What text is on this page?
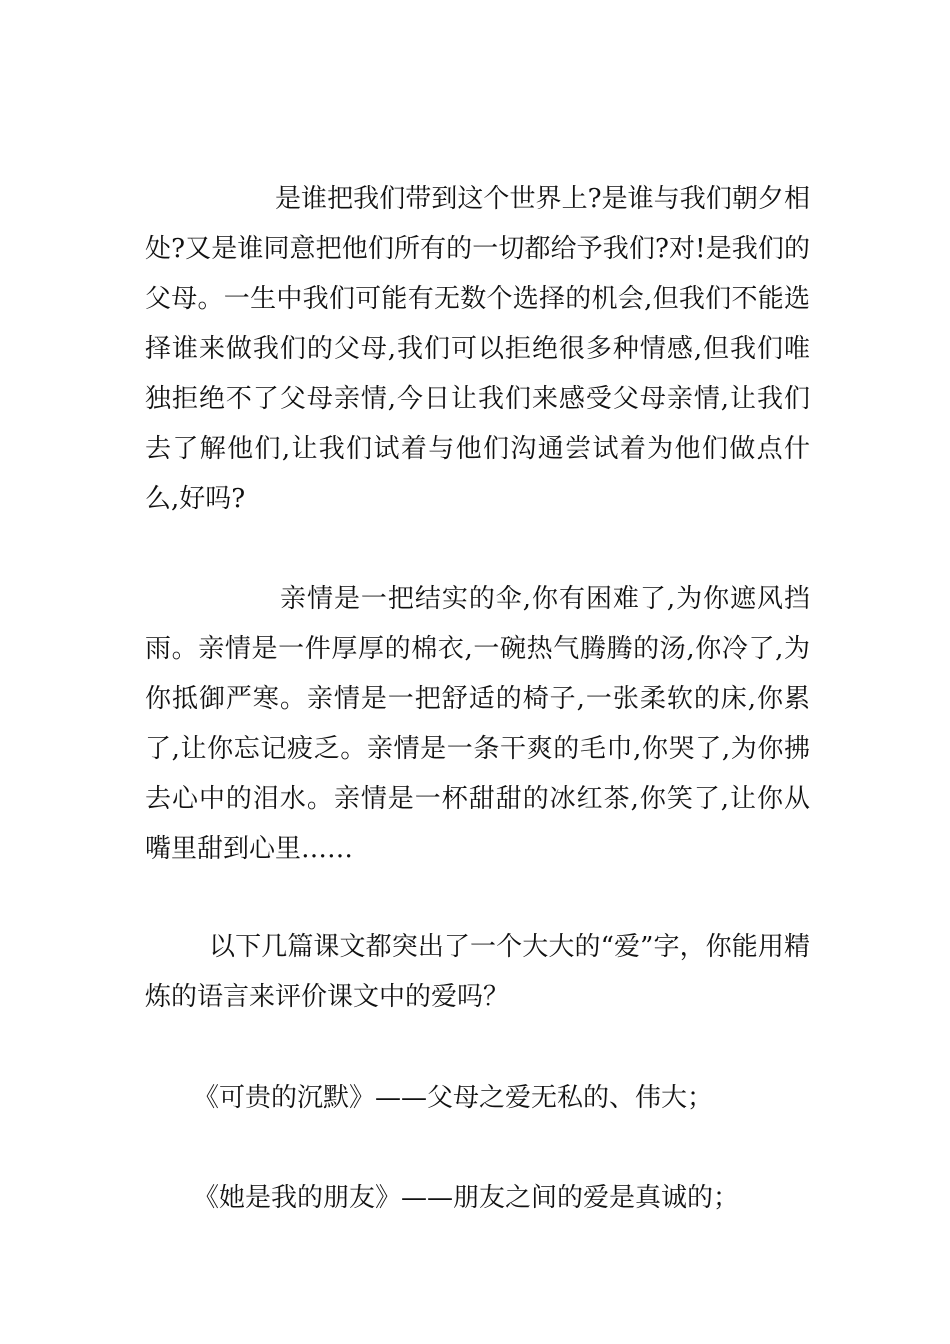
是谁把我们带到这个世界上?是谁与我们朝夕相处?又是谁同意把他们所有的一切都给予我们?对!是我们的父母。一生中我们可能有无数个选择的机会,但我们不能选择谁来做我们的父母,我们可以拒绝很多种情感,但我们唯独拒绝不了父母亲情,今日让我们来感受父母亲情,让我们去了解他们,让我们试着与他们沟通尝试着为他们做点什么,好吗?

亲情是一把结实的伞,你有困难了,为你遮风挡雨。亲情是一件厚厚的棉衣,一碗热气腾腾的汤,你冷了,为你抵御严寒。亲情是一把舒适的椅子,一张柔软的床,你累了,让你忘记疲乏。亲情是一条干爽的毛巾,你哭了,为你拂去心中的泪水。亲情是一杯甜甜的冰红茶,你笑了,让你从嘴里甜到心里……

以下几篇课文都突出了一个大大的“爱”字，你能用精炼的语言来评价课文中的爱吗？

《可贵的沉默》——父母之爱无私的、伟大；

《她是我的朋友》——朋友之间的爱是真诚的；
